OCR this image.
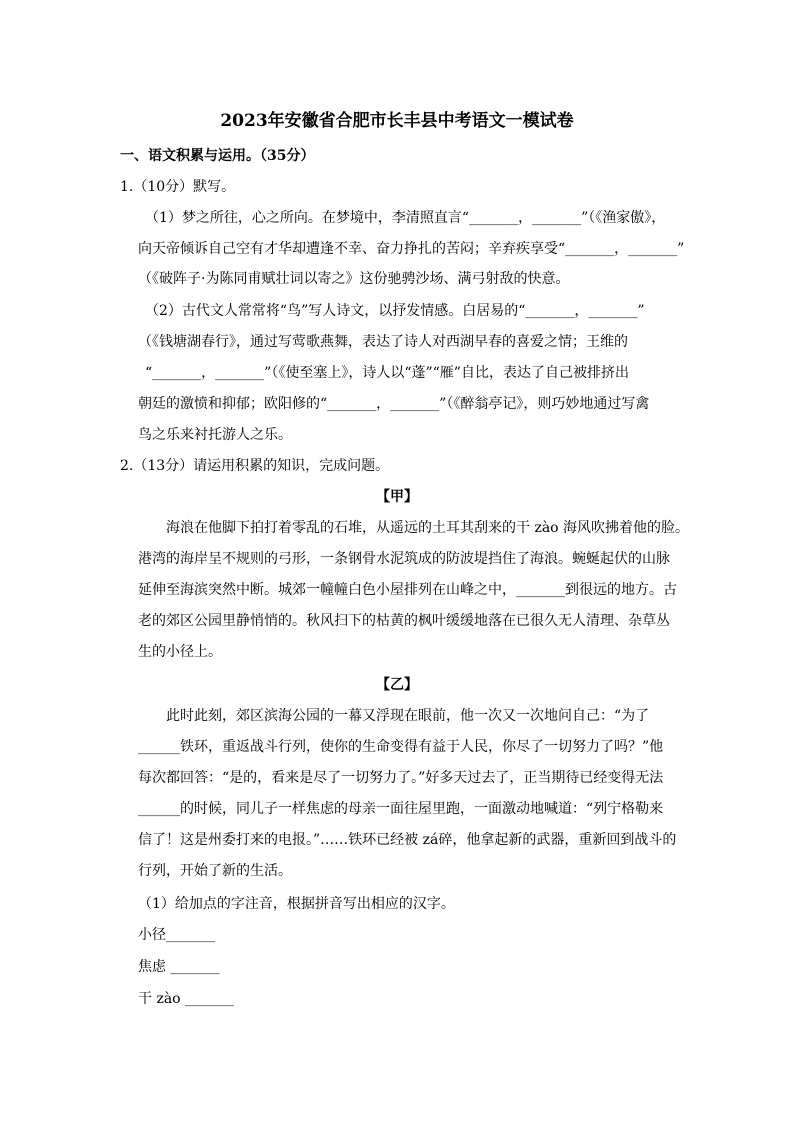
2023年安徽省合肥市长丰县中考语文一模试卷
一、语文积累与运用。（35分）
1.（10分）默写。
（1）梦之所往，心之所向。在梦境中，李清照直言“_______，_______”（《渔家傲》，
向天帝倾诉自己空有才华却遭逢不幸、奋力挣扎的苦闷；辛弃疾享受“_______，_______”
（《破阵子·为陈同甫赋壮词以寄之》这份驰骋沙场、满弓射敌的快意。
（2）古代文人常常将“鸟”写人诗文，以抒发情感。白居易的“_______，_______”
（《钱塘湖春行》，通过写莺歌燕舞，表达了诗人对西湖早春的喜爱之情；王维的
“_______，_______”（《使至塞上》，诗人以“蓬”“雁”自比，表达了自己被排挤出
朝廷的激愤和抑郁；欧阳修的“_______，_______”（《醉翁亭记》，则巧妙地通过写禽
鸟之乐来衬托游人之乐。
2.（13分）请运用积累的知识，完成问题。
【甲】
海浪在他脚下拍打着零乱的石堆，从遥远的土耳其刮来的干 zào 海风吹拂着他的脸。
港湾的海岸呈不规则的弓形，一条钢骨水泥筑成的防波堤挡住了海浪。蜿蜒起伏的山脉
延伸至海滨突然中断。城郊一幢幢白色小屋排列在山峰之中，_______到很远的地方。古
老的郊区公园里静悄悄的。秋风扫下的枯黄的枫叶缓缓地落在已很久无人清理、杂草丛
生的小径上。
【乙】
此时此刻，郊区滨海公园的一幕又浮现在眼前，他一次又一次地问自己：“为了
______铁环，重返战斗行列，使你的生命变得有益于人民，你尽了一切努力了吗？”他
每次都回答：“是的，看来是尽了一切努力了。”好多天过去了，正当期待已经变得无法
______的时候，同儿子一样焦虑的母亲一面往屋里跑，一面激动地喊道：“列宁格勒来
信了！这是州委打来的电报。”……铁环已经被 zá碎，他拿起新的武器，重新回到战斗的
行列，开始了新的生活。
（1）给加点的字注音，根据拼音写出相应的汉字。
小径_______
焦虑 _______
干 zào _______
